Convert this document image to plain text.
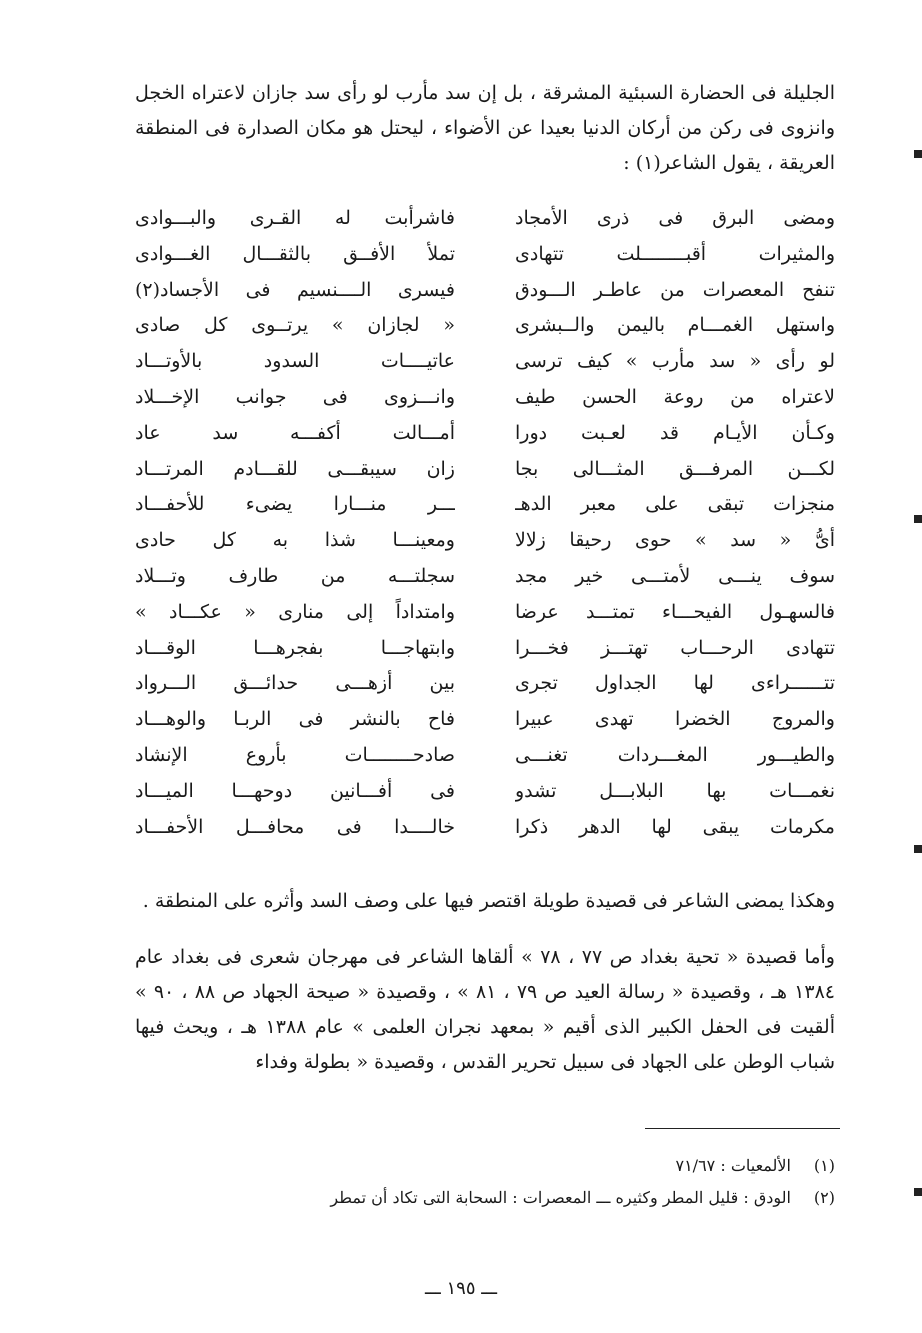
الجليلة فى الحضارة السبئية المشرقة ، بل إن سد مأرب لو رأى سد جازان لاعتراه الخجل وانزوى فى ركن من أركان الدنيا بعيدا عن الأضواء ، ليحتل هو مكان الصدارة فى المنطقة العريقة ، يقول الشاعر(١) :

ومضى البرق فى ذرى الأمجاد
فاشرأبت له القـرى والبـــوادى
والمثيرات أقبــــــــلت تتهادى
تملأ الأفــق بالثقـــال الغـــوادى
تنفح المعصرات من عاطـر الـــودق
فيسرى الــــنسيم فى الأجساد(٢)
واستهل الغمـــام باليمن والــبشرى
« لجازان » يرتــوى كل صادى
لو رأى « سد مأرب » كيف ترسى
عاتيــــات السدود بالأوتـــاد
لاعتراه من روعة الحسن طيف
وانـــزوى فى جوانب الإخـــلاد
وكـأن الأيـام قد لعـبت دورا
أمـــالت أكفـــه سد عاد
لكـــن المرفـــق المثـــالى بجا
زان سيبقـــى للقـــادم المرتـــاد
منجزات تبقى على معبر الدهـ
ـــر منـــارا يضىء للأحفـــاد
أىُّ « سد » حوى رحيقا زلالا
ومعينـــا شذا به كل حادى
سوف ينـــى لأمتـــى خير مجد
سجلتـــه من طارف وتـــلاد
فالسهـول الفيحـــاء تمتـــد عرضا
وامتداداً إلى منارى « عكـــاد »
تتهادى الرحـــاب تهتـــز فخـــرا
وابتهاجـــا بفجرهـــا الوقـــاد
تتــــــراءى لها الجداول تجرى
بين أزهـــى حدائـــق الـــرواد
والمروج الخضرا تهدى عبيرا
فاح بالنشر فى الربـا والوهـــاد
والطيـــور المغـــردات تغنـــى
صادحــــــــات بأروع الإنشاد
نغمـــات بها البلابـــل تشدو
فى أفـــانين دوحهـــا الميـــاد
مكرمات يبقى لها الدهر ذكرا
خالــــدا فى محافـــل الأحفـــاد

وهكذا يمضى الشاعر فى قصيدة طويلة اقتصر فيها على وصف السد وأثره على المنطقة .

وأما قصيدة « تحية بغداد ص ٧٧ ، ٧٨ » ألقاها الشاعر فى مهرجان شعرى فى بغداد عام ١٣٨٤ هـ ، وقصيدة « رسالة العيد ص ٧٩ ، ٨١ » ، وقصيدة « صيحة الجهاد ص ٨٨ ، ٩٠ » ألقيت فى الحفل الكبير الذى أقيم « بمعهد نجران العلمى » عام ١٣٨٨ هـ ، ويحث فيها شباب الوطن على الجهاد فى سبيل تحرير القدس ، وقصيدة « بطولة وفداء

(١)
الألمعيات : ٧١/٦٧
(٢)
الودق : قليل المطر وكثيره ـــ المعصرات : السحابة التى تكاد أن تمطر
ـــ ١٩٥ ـــ
